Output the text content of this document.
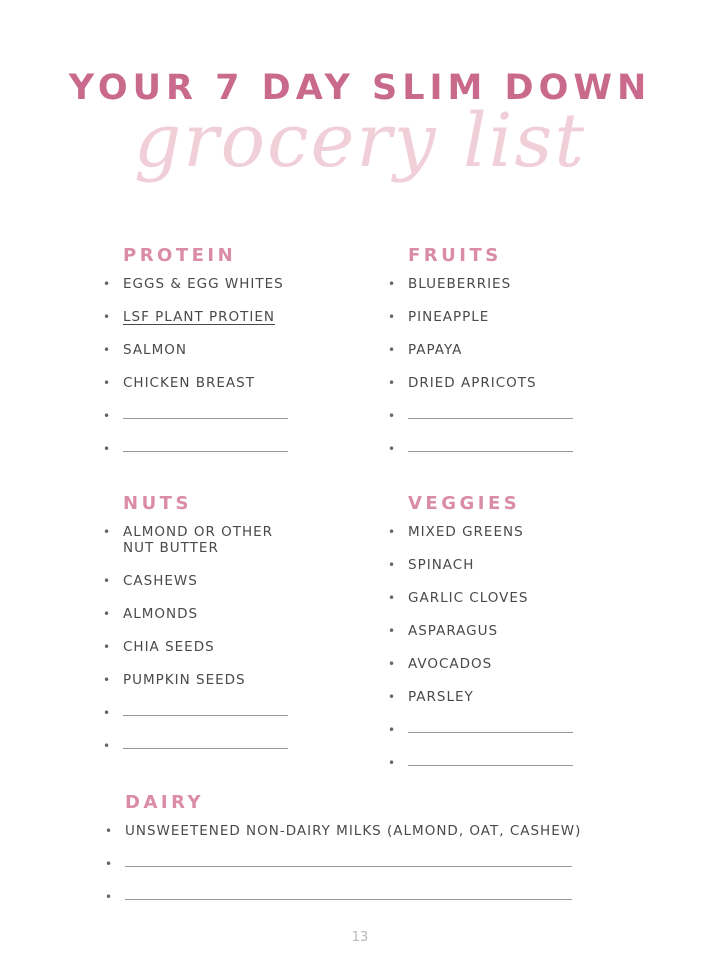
grocery list
YOUR 7 DAY SLIM DOWN
PROTEIN
• EGGS & EGG WHITES
• LSF PLANT PROTIEN
• SALMON
• CHICKEN BREAST
•
•
FRUITS
• BLUEBERRIES
• PINEAPPLE
• PAPAYA
• DRIED APRICOTS
•
•
NUTS
• ALMOND OR OTHER NUT BUTTER
• CASHEWS
• ALMONDS
• CHIA SEEDS
• PUMPKIN SEEDS
•
•
VEGGIES
• MIXED GREENS
• SPINACH
• GARLIC CLOVES
• ASPARAGUS
• AVOCADOS
• PARSLEY
•
•
DAIRY
• UNSWEETENED NON-DAIRY MILKS (ALMOND, OAT, CASHEW)
•
•
13
